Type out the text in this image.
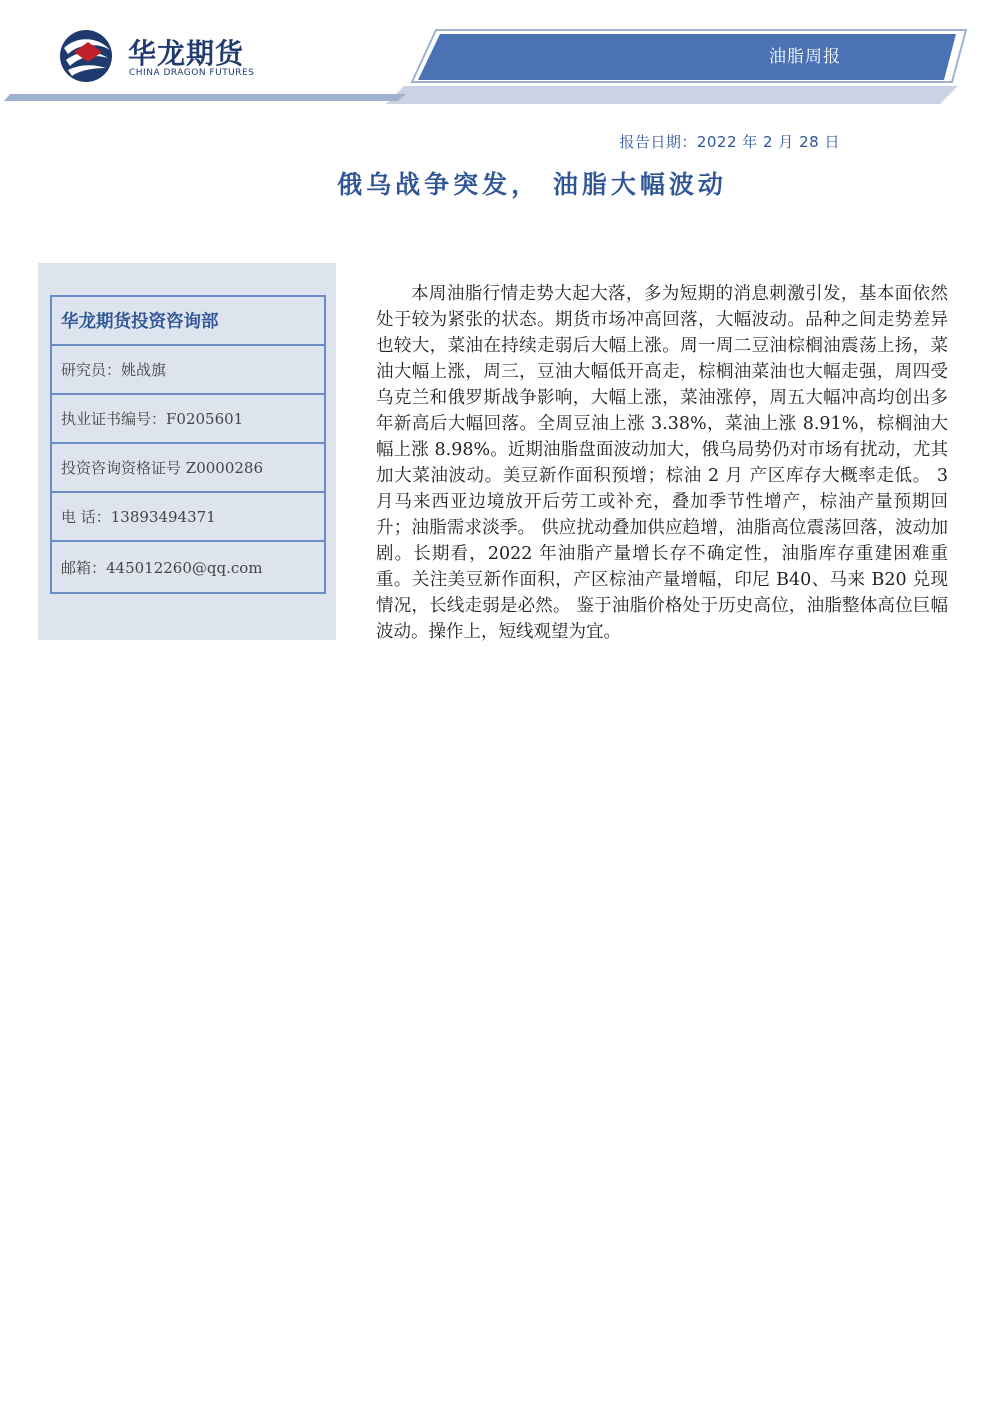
华龙期货
CHINA DRAGON FUTURES
油脂周报
报告日期：2022 年 2 月 28 日
俄乌战争突发， 油脂大幅波动
华龙期货投资咨询部
研究员：姚战旗
执业证书编号：F0205601
投资咨询资格证号 Z0000286
电 话：13893494371
邮箱：445012260@qq.com

本周油脂行情走势大起大落，多为短期的消息刺激引发，基本面依然处于较为紧张的状态。期货市场冲高回落，大幅波动。品种之间走势差异也较大，菜油在持续走弱后大幅上涨。周一周二豆油棕榈油震荡上扬，菜油大幅上涨，周三，豆油大幅低开高走，棕榈油菜油也大幅走强，周四受乌克兰和俄罗斯战争影响，大幅上涨，菜油涨停，周五大幅冲高均创出多年新高后大幅回落。全周豆油上涨 3.38%，菜油上涨 8.91%，棕榈油大幅上涨 8.98%。近期油脂盘面波动加大，俄乌局势仍对市场有扰动，尤其加大菜油波动。美豆新作面积预增；棕油 2 月 产区库存大概率走低。 3 月马来西亚边境放开后劳工或补充，叠加季节性增产，棕油产量预期回升；油脂需求淡季。 供应扰动叠加供应趋增，油脂高位震荡回落，波动加剧。长期看，2022 年油脂产量增长存不确定性，油脂库存重建困难重重。关注美豆新作面积，产区棕油产量增幅，印尼 B40、马来 B20 兑现情况，长线走弱是必然。 鉴于油脂价格处于历史高位，油脂整体高位巨幅波动。操作上，短线观望为宜。
